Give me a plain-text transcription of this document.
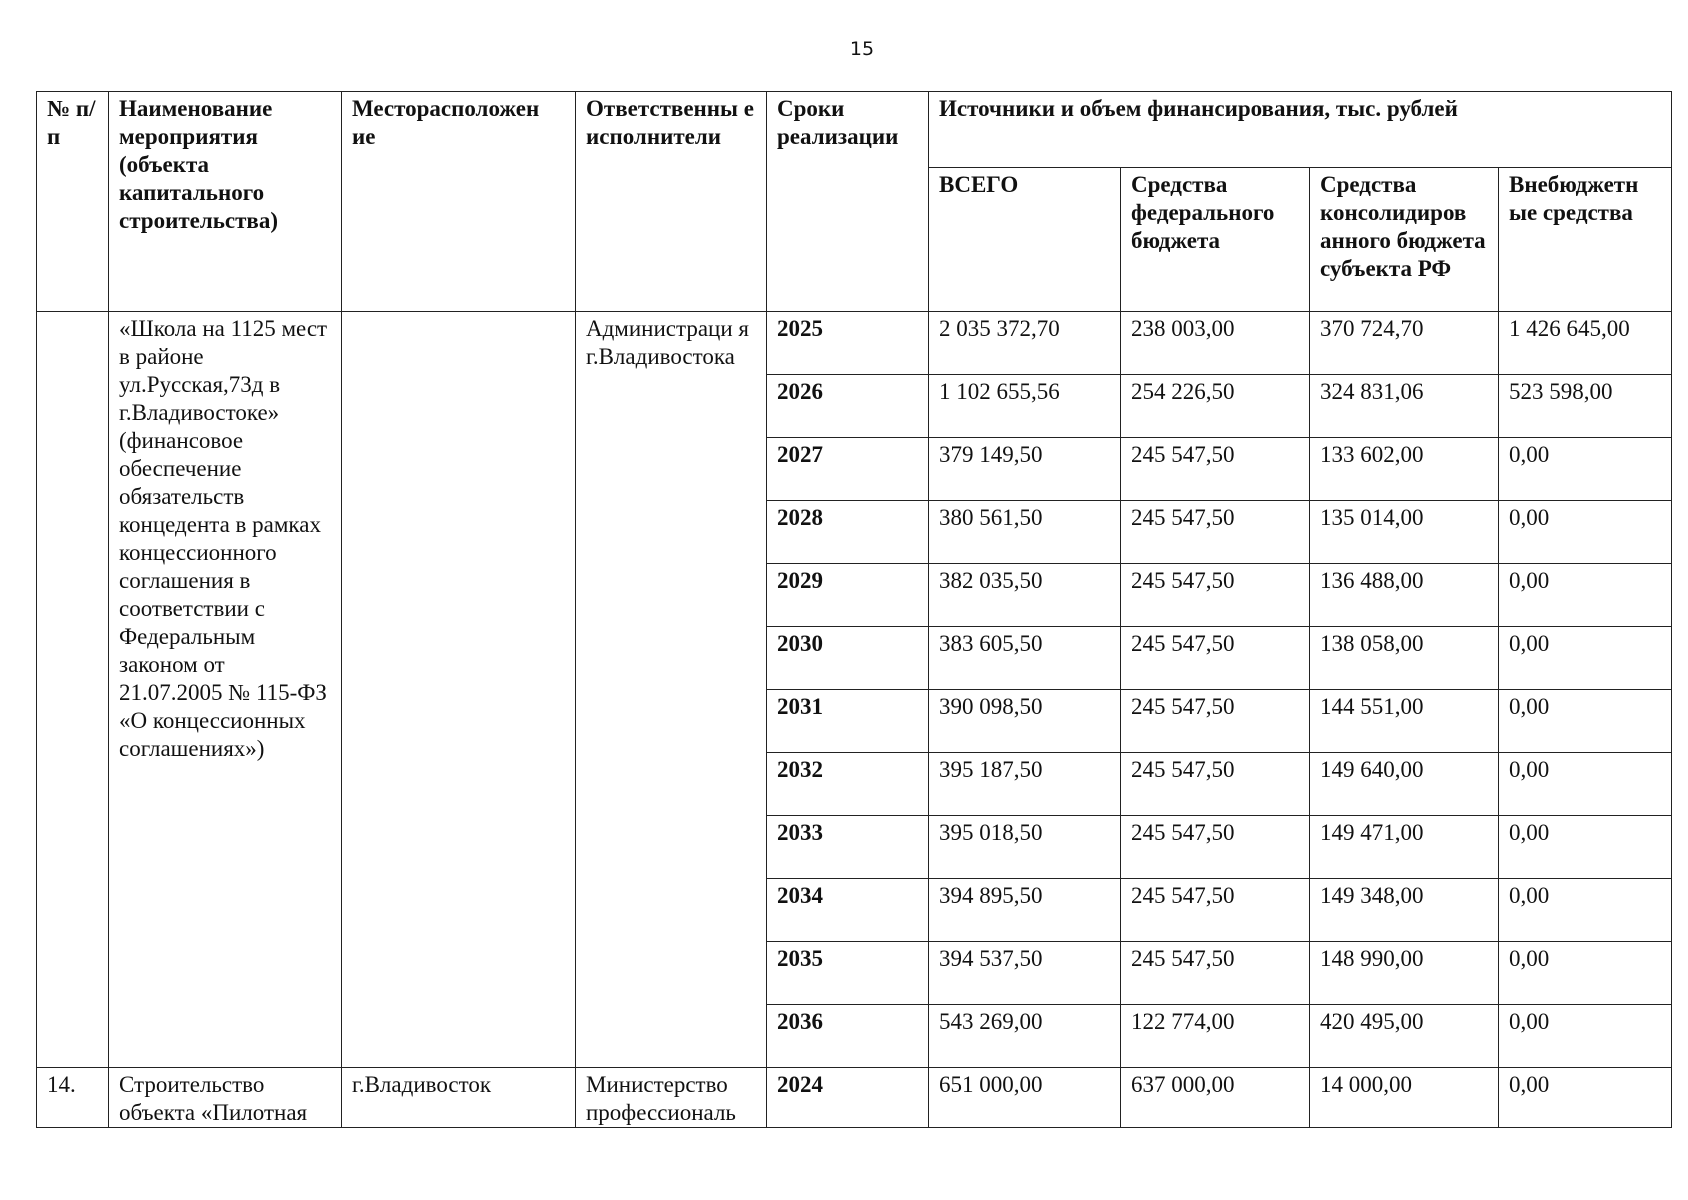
15
№ п/п	Наименование мероприятия (объекта капитального строительства)	Месторасположен ие	Ответственны е исполнители	Сроки реализации	Источники и объем финансирования, тыс. рублей			
					ВСЕГО	Средства федерального бюджета	Средства консолидиров анного бюджета субъекта РФ	Внебюджетн ые средства
	«Школа на 1125 мест в районе ул.Русская,73д в г.Владивостоке» (финансовое обеспечение обязательств концедента в рамках концессионного соглашения в соответствии с Федеральным законом от 21.07.2005 № 115-ФЗ «О концессионных соглашениях»)		Администраци я г.Владивостока	2025	2 035 372,70	238 003,00	370 724,70	1 426 645,00
				2026	1 102 655,56	254 226,50	324 831,06	523 598,00
				2027	379 149,50	245 547,50	133 602,00	0,00
				2028	380 561,50	245 547,50	135 014,00	0,00
				2029	382 035,50	245 547,50	136 488,00	0,00
				2030	383 605,50	245 547,50	138 058,00	0,00
				2031	390 098,50	245 547,50	144 551,00	0,00
				2032	395 187,50	245 547,50	149 640,00	0,00
				2033	395 018,50	245 547,50	149 471,00	0,00
				2034	394 895,50	245 547,50	149 348,00	0,00
				2035	394 537,50	245 547,50	148 990,00	0,00
				2036	543 269,00	122 774,00	420 495,00	0,00
14.	Строительство объекта «Пилотная	г.Владивосток	Министерство профессиональ	2024	651 000,00	637 000,00	14 000,00	0,00
